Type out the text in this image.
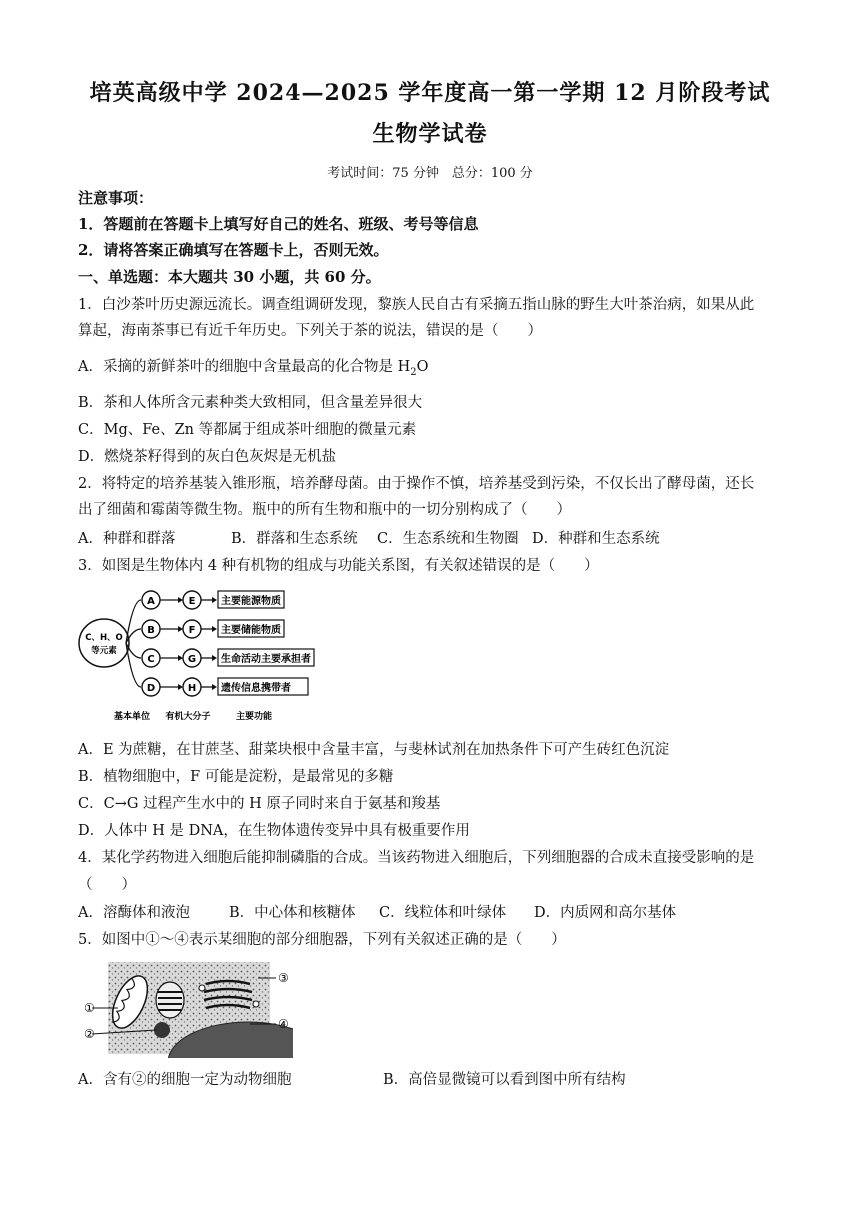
培英高级中学 2024—2025 学年度高一第一学期 12 月阶段考试
生物学试卷
考试时间：75 分钟　总分：100 分
注意事项：
1．答题前在答题卡上填写好自己的姓名、班级、考号等信息
2．请将答案正确填写在答题卡上，否则无效。
一、单选题：本大题共 30 小题，共 60 分。
1．白沙茶叶历史源远流长。调查组调研发现，黎族人民自古有采摘五指山脉的野生大叶茶治病，如果从此
算起，海南茶事已有近千年历史。下列关于茶的说法，错误的是（　　）
A．采摘的新鲜茶叶的细胞中含量最高的化合物是 $H_2O$
B．茶和人体所含元素种类大致相同，但含量差异很大
C．Mg、Fe、Zn 等都属于组成茶叶细胞的微量元素
D．燃烧茶籽得到的灰白色灰烬是无机盐
2．将特定的培养基装入锥形瓶，培养酵母菌。由于操作不慎，培养基受到污染，不仅长出了酵母菌，还长
出了细菌和霉菌等微生物。瓶中的所有生物和瓶中的一切分别构成了（　　）
A．种群和群落	B．群落和生态系统 C．生态系统和生物圈 D．种群和生态系统
3．如图是生物体内 4 种有机物的组成与功能关系图，有关叙述错误的是（　　）
C、H、O
等元素
A	E	主要能源物质
B	F	主要储能物质
C	G 生命活动主要承担者
D	H 遗传信息携带者
基本单位 有机大分子	主要功能
A．E 为蔗糖，在甘蔗茎、甜菜块根中含量丰富，与斐林试剂在加热条件下可产生砖红色沉淀
B．植物细胞中，F 可能是淀粉，是最常见的多糖
C．C→G 过程产生水中的 H 原子同时来自于氨基和羧基
D．人体中 H 是 DNA，在生物体遗传变异中具有极重要作用
4．某化学药物进入细胞后能抑制磷脂的合成。当该药物进入细胞后，下列细胞器的合成未直接受影响的是
（　　）
A．溶酶体和液泡	B．中心体和核糖体 C．线粒体和叶绿体 D．内质网和高尔基体
5．如图中①～④表示某细胞的部分细胞器，下列有关叙述正确的是（　　）
①
②
③
④
A．含有②的细胞一定为动物细胞	B．高倍显微镜可以看到图中所有结构
